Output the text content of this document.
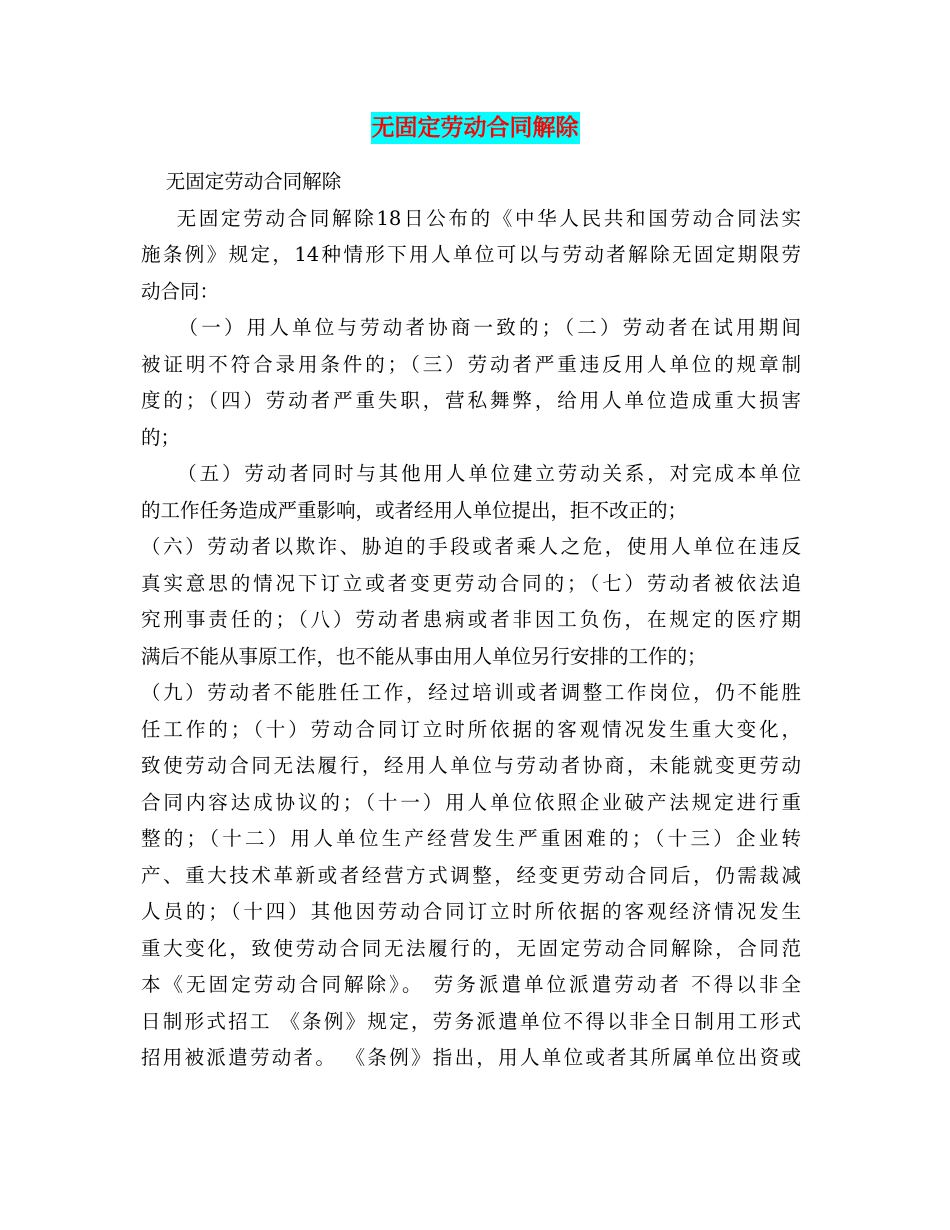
无固定劳动合同解除
无固定劳动合同解除
无固定劳动合同解除18日公布的《中华人民共和国劳动合同法实
施条例》规定，14种情形下用人单位可以与劳动者解除无固定期限劳
动合同：
（一）用人单位与劳动者协商一致的；（二）劳动者在试用期间
被证明不符合录用条件的；（三）劳动者严重违反用人单位的规章制
度的；（四）劳动者严重失职，营私舞弊，给用人单位造成重大损害
的；
（五）劳动者同时与其他用人单位建立劳动关系，对完成本单位
的工作任务造成严重影响，或者经用人单位提出，拒不改正的；
（六）劳动者以欺诈、胁迫的手段或者乘人之危，使用人单位在违反
真实意思的情况下订立或者变更劳动合同的；（七）劳动者被依法追
究刑事责任的；（八）劳动者患病或者非因工负伤，在规定的医疗期
满后不能从事原工作，也不能从事由用人单位另行安排的工作的；
（九）劳动者不能胜任工作，经过培训或者调整工作岗位，仍不能胜
任工作的；（十）劳动合同订立时所依据的客观情况发生重大变化，
致使劳动合同无法履行，经用人单位与劳动者协商，未能就变更劳动
合同内容达成协议的；（十一）用人单位依照企业破产法规定进行重
整的；（十二）用人单位生产经营发生严重困难的；（十三）企业转
产、重大技术革新或者经营方式调整，经变更劳动合同后，仍需裁减
人员的；（十四）其他因劳动合同订立时所依据的客观经济情况发生
重大变化，致使劳动合同无法履行的，无固定劳动合同解除，合同范
本《无固定劳动合同解除》。 劳务派遣单位派遣劳动者 不得以非全
日制形式招工 《条例》规定，劳务派遣单位不得以非全日制用工形式
招用被派遣劳动者。 《条例》指出，用人单位或者其所属单位出资或
